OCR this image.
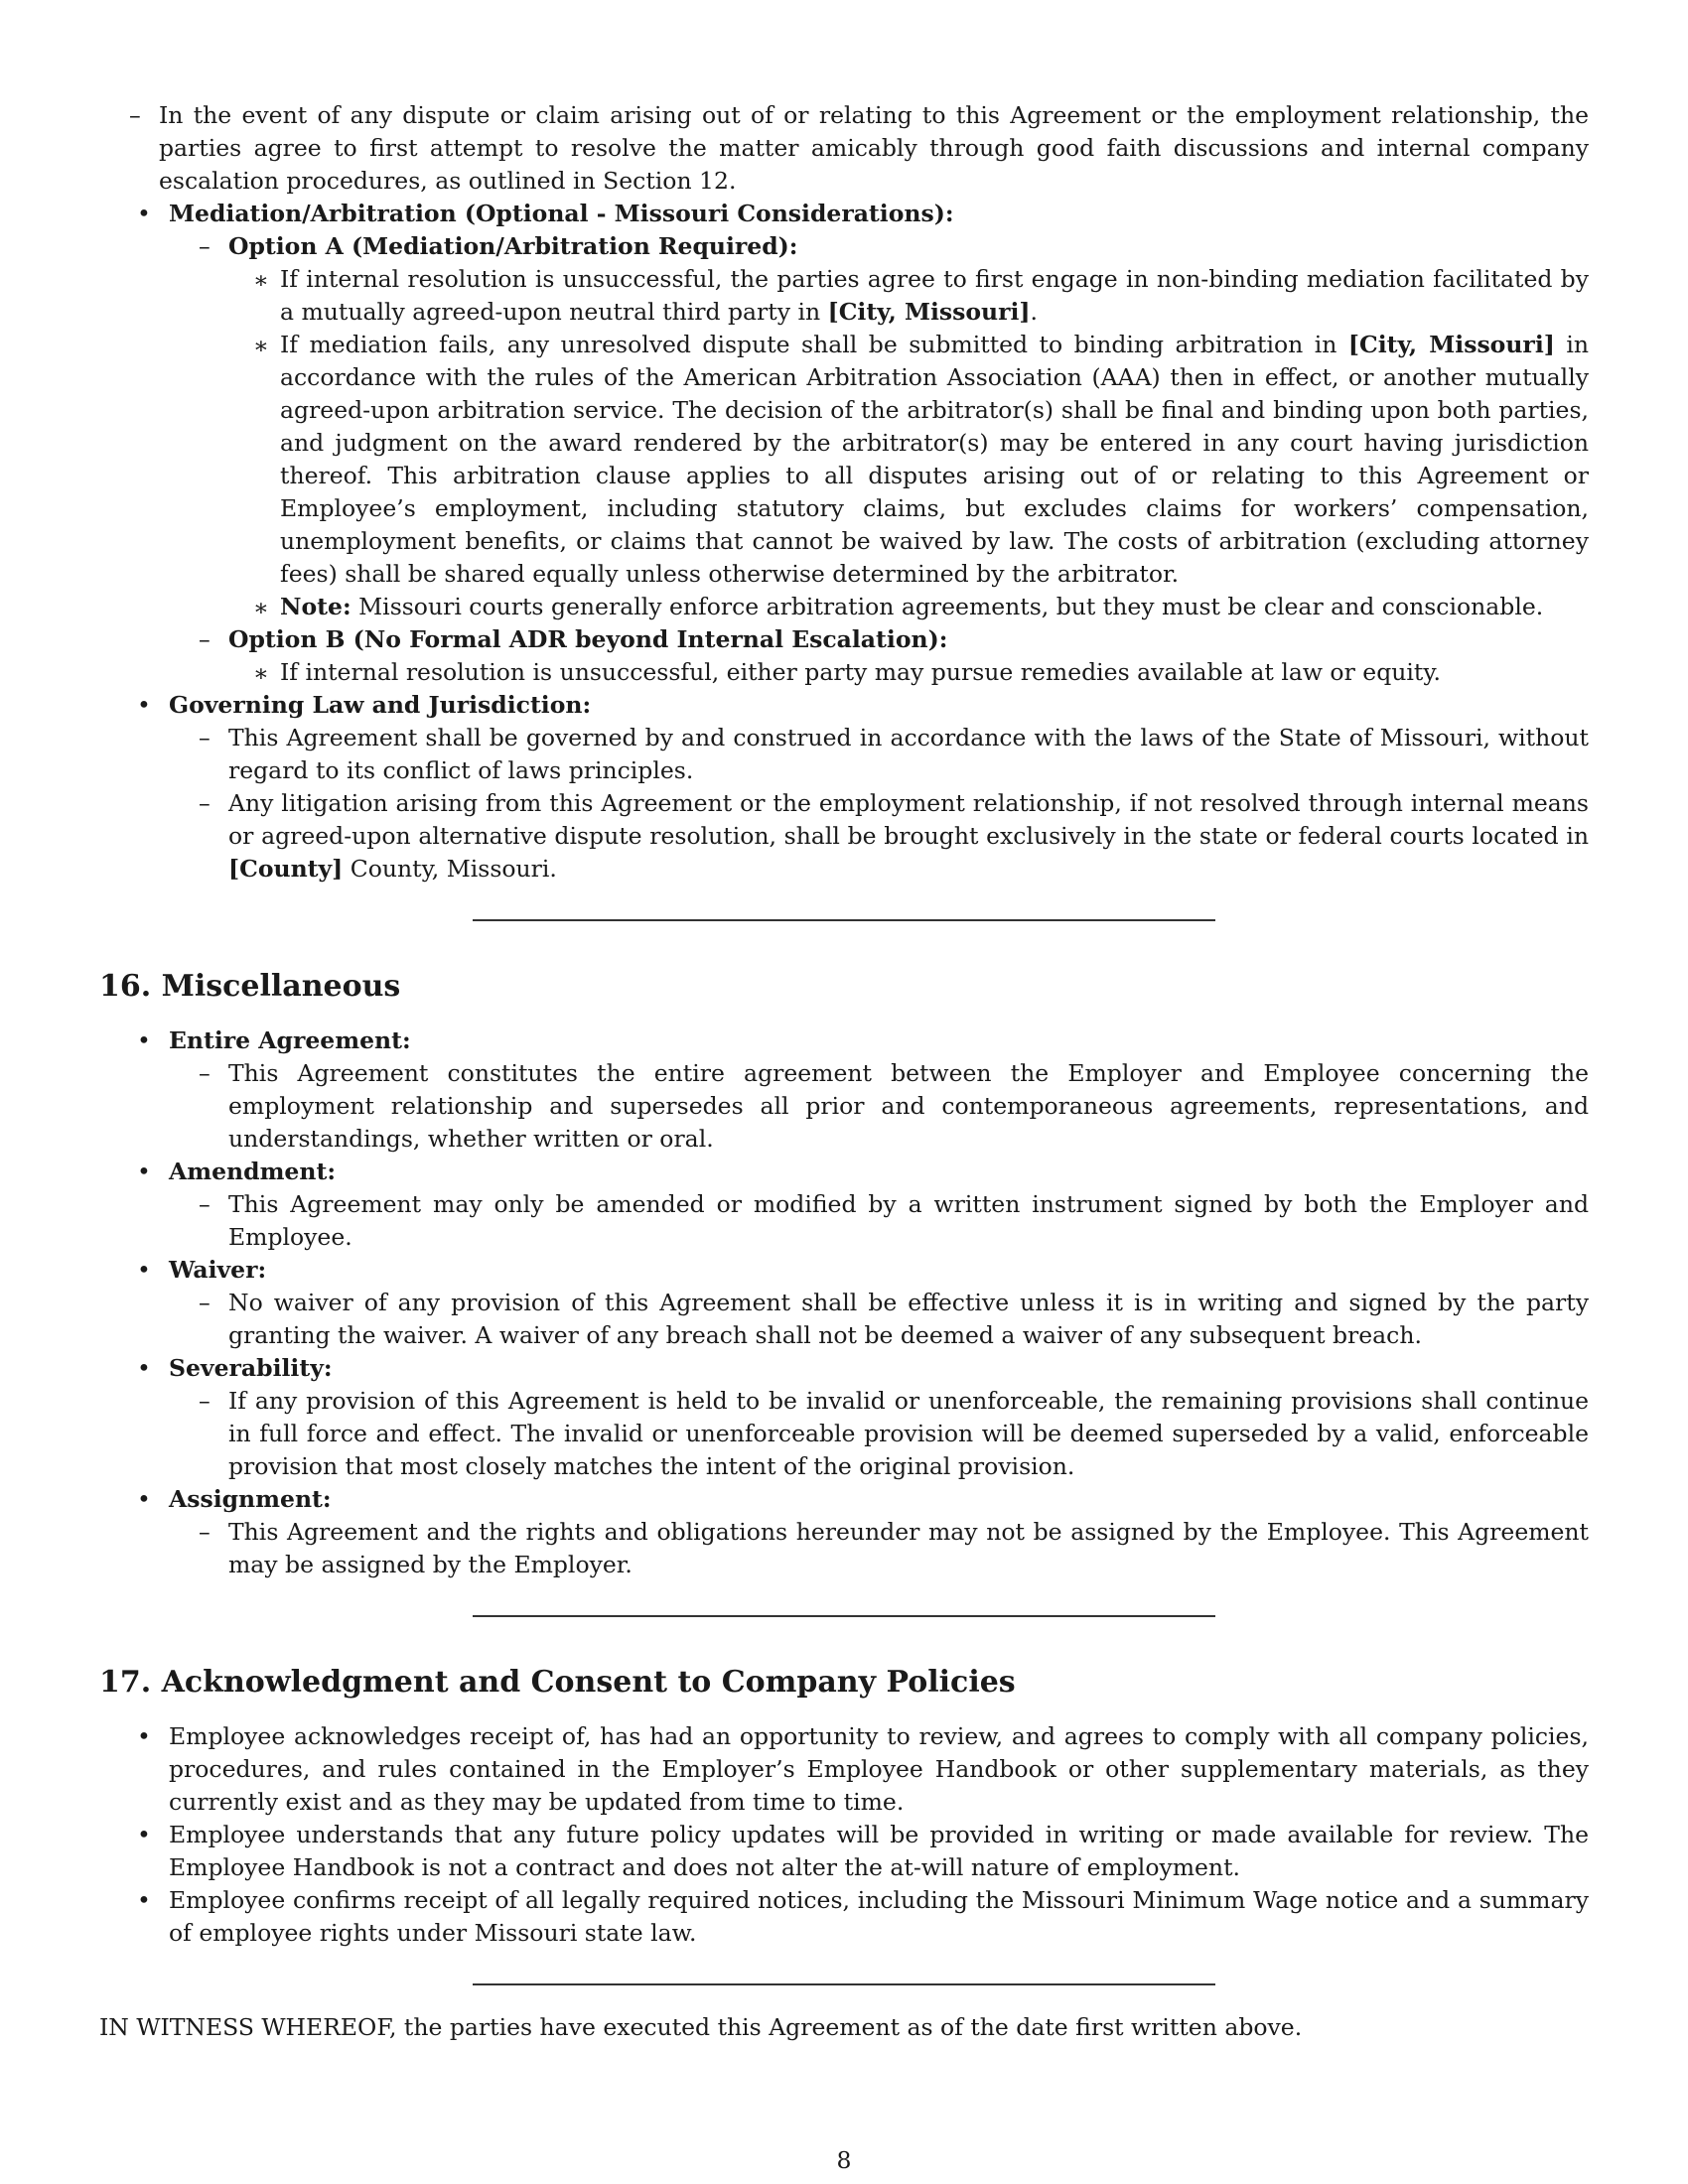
– In the event of any dispute or claim arising out of or relating to this Agreement or the employment relationship, the parties agree to first attempt to resolve the matter amicably through good faith discussions and internal company escalation procedures, as outlined in Section 12.
• Mediation/Arbitration (Optional - Missouri Considerations):
– Option A (Mediation/Arbitration Required):
∗ If internal resolution is unsuccessful, the parties agree to first engage in non-binding mediation facilitated by a mutually agreed-upon neutral third party in [City, Missouri].
∗ If mediation fails, any unresolved dispute shall be submitted to binding arbitration in [City, Missouri] in accordance with the rules of the American Arbitration Association (AAA) then in effect, or another mutually agreed-upon arbitration service. The decision of the arbitrator(s) shall be final and binding upon both parties, and judgment on the award rendered by the arbitrator(s) may be entered in any court having jurisdiction thereof. This arbitration clause applies to all disputes arising out of or relating to this Agreement or Employee’s employment, including statutory claims, but excludes claims for workers’ compensation, unemployment benefits, or claims that cannot be waived by law. The costs of arbitration (excluding attorney fees) shall be shared equally unless otherwise determined by the arbitrator.
∗ Note: Missouri courts generally enforce arbitration agreements, but they must be clear and conscionable.
– Option B (No Formal ADR beyond Internal Escalation):
∗ If internal resolution is unsuccessful, either party may pursue remedies available at law or equity.
• Governing Law and Jurisdiction:
– This Agreement shall be governed by and construed in accordance with the laws of the State of Missouri, without regard to its conflict of laws principles.
– Any litigation arising from this Agreement or the employment relationship, if not resolved through internal means or agreed-upon alternative dispute resolution, shall be brought exclusively in the state or federal courts located in [County] County, Missouri.
16. Miscellaneous
• Entire Agreement:
– This Agreement constitutes the entire agreement between the Employer and Employee concerning the employment relationship and supersedes all prior and contemporaneous agreements, representations, and understandings, whether written or oral.
• Amendment:
– This Agreement may only be amended or modified by a written instrument signed by both the Employer and Employee.
• Waiver:
– No waiver of any provision of this Agreement shall be effective unless it is in writing and signed by the party granting the waiver. A waiver of any breach shall not be deemed a waiver of any subsequent breach.
• Severability:
– If any provision of this Agreement is held to be invalid or unenforceable, the remaining provisions shall continue in full force and effect. The invalid or unenforceable provision will be deemed superseded by a valid, enforceable provision that most closely matches the intent of the original provision.
• Assignment:
– This Agreement and the rights and obligations hereunder may not be assigned by the Employee. This Agreement may be assigned by the Employer.
17. Acknowledgment and Consent to Company Policies
• Employee acknowledges receipt of, has had an opportunity to review, and agrees to comply with all company policies, procedures, and rules contained in the Employer’s Employee Handbook or other supplementary materials, as they currently exist and as they may be updated from time to time.
• Employee understands that any future policy updates will be provided in writing or made available for review. The Employee Handbook is not a contract and does not alter the at-will nature of employment.
• Employee confirms receipt of all legally required notices, including the Missouri Minimum Wage notice and a summary of employee rights under Missouri state law.
IN WITNESS WHEREOF, the parties have executed this Agreement as of the date first written above.
8
